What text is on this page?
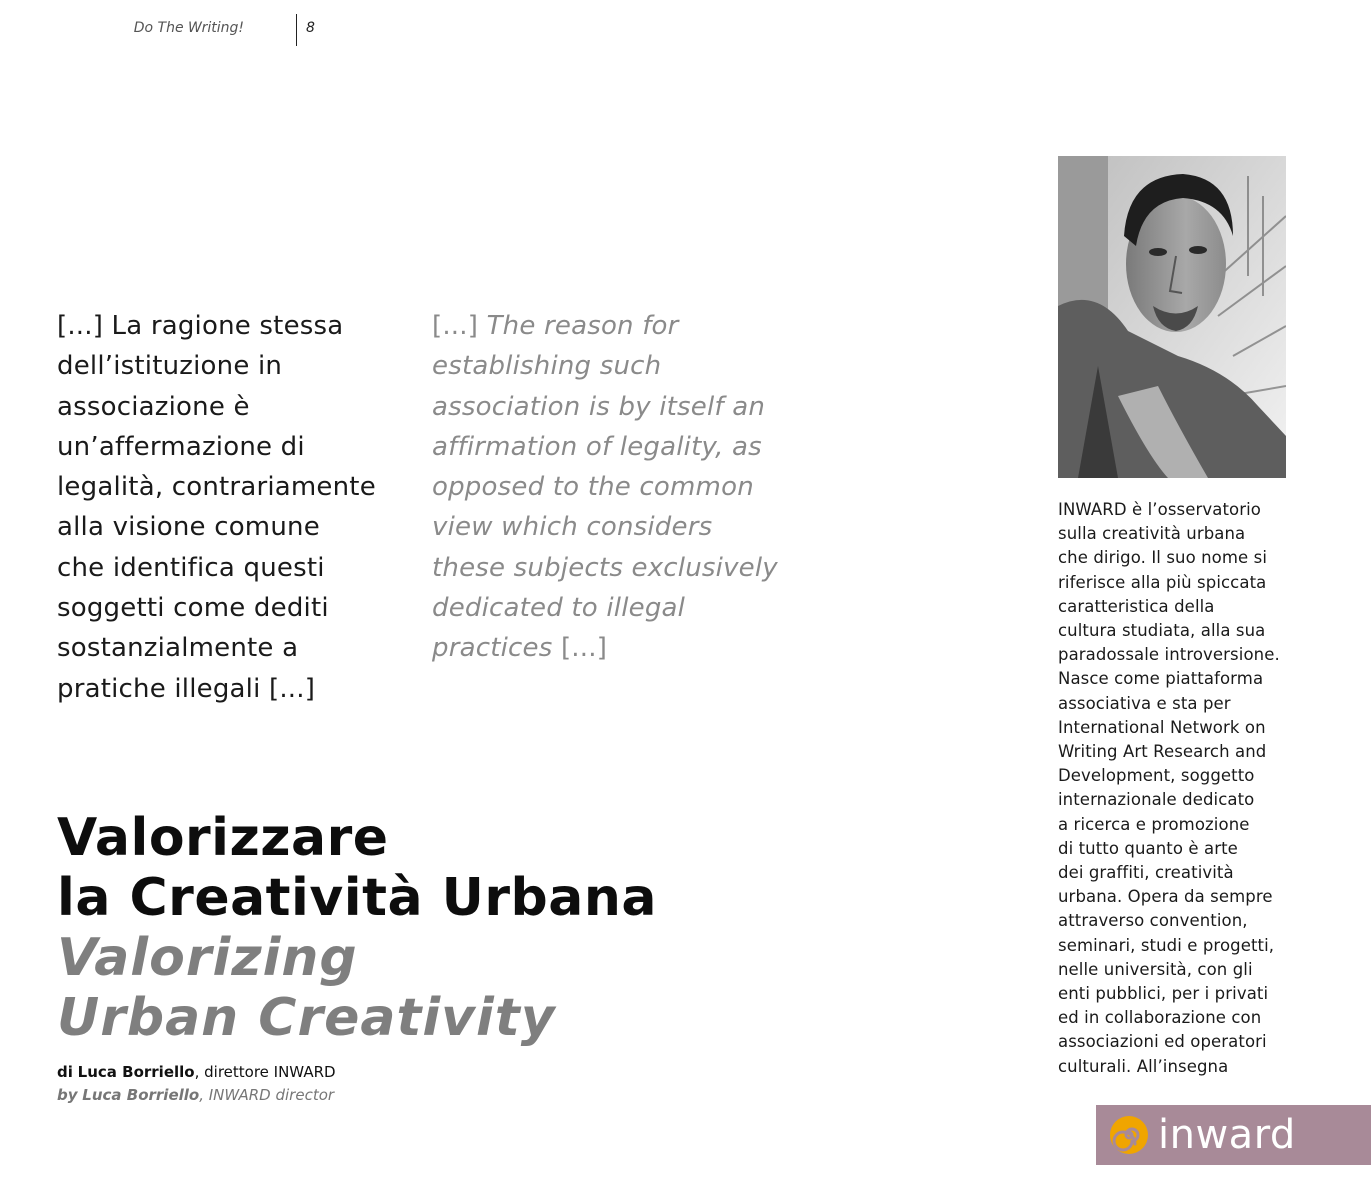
Do The Writing!	8
[...] La ragione stessa
dell’istituzione in
associazione è
un’affermazione di
legalità, contrariamente
alla visione comune
che identifica questi
soggetti come dediti
sostanzialmente a
pratiche illegali [...]
[...] The reason for
establishing such
association is by itself an
affirmation of legality, as
opposed to the common
view which considers
these subjects exclusively
dedicated to illegal
practices [...]
Valorizzare
la Creatività Urbana
Valorizing
Urban Creativity
di Luca Borriello, direttore INWARD
by Luca Borriello, INWARD director
INWARD è l’osservatorio
sulla creatività urbana
che dirigo. Il suo nome si
riferisce alla più spiccata
caratteristica della
cultura studiata, alla sua
paradossale introversione.
Nasce come piattaforma
associativa e sta per
International Network on
Writing Art Research and
Development, soggetto
internazionale dedicato
a ricerca e promozione
di tutto quanto è arte
dei graffiti, creatività
urbana. Opera da sempre
attraverso convention,
seminari, studi e progetti,
nelle università, con gli
enti pubblici, per i privati
ed in collaborazione con
associazioni ed operatori
culturali. All’insegna
inward
